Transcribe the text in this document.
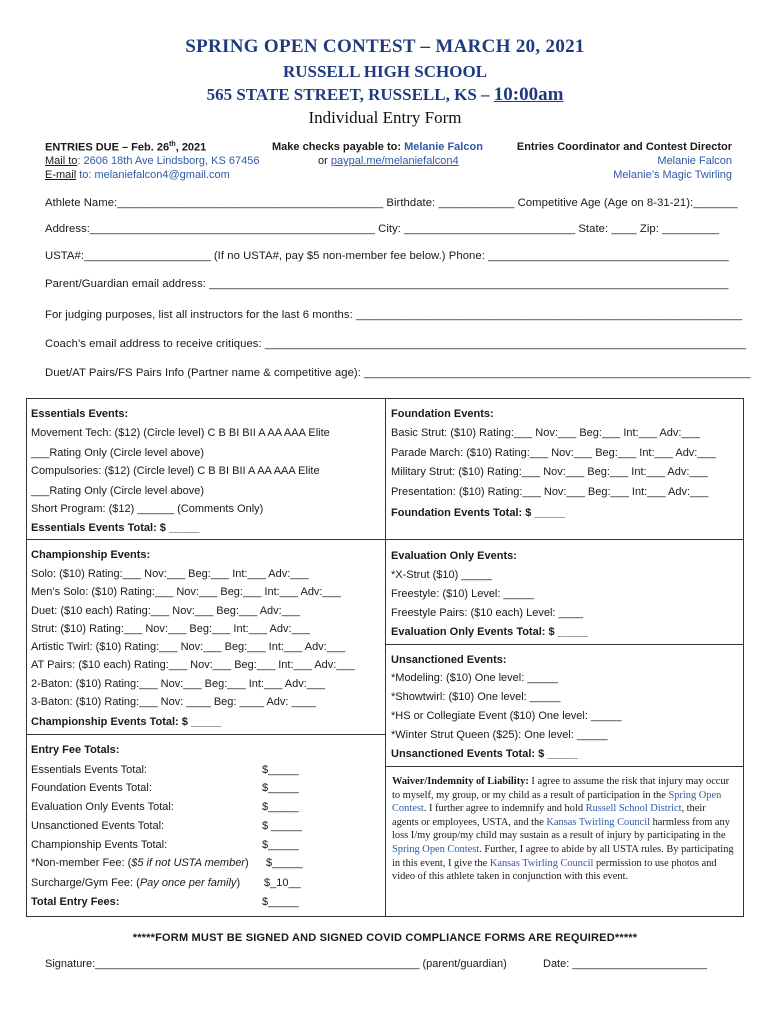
SPRING OPEN CONTEST – MARCH 20, 2021
RUSSELL HIGH SCHOOL
565 STATE STREET, RUSSELL, KS – 10:00am
Individual Entry Form
ENTRIES DUE – Feb. 26th, 2021
Mail to: 2606 18th Ave Lindsborg, KS 67456
E-mail to: melaniefalcon4@gmail.com
Make checks payable to: Melanie Falcon
or paypal.me/melaniefalcon4
Entries Coordinator and Contest Director
Melanie Falcon
Melanie’s Magic Twirling
Athlete Name:__________________________________________ Birthdate: ____________ Competitive Age (Age on 8-31-21):_______
Address:_____________________________________________ City: ___________________________ State: ____ Zip: _________
USTA#:____________________ (If no USTA#, pay $5 non-member fee below.) Phone: ______________________________________
Parent/Guardian email address: __________________________________________________________________________________
For judging purposes, list all instructors for the last 6 months: _____________________________________________________________
Coach’s email address to receive critiques: ____________________________________________________________________________
Duet/AT Pairs/FS Pairs Info (Partner name & competitive age): _____________________________________________________________
Essentials Events:
Movement Tech: ($12) (Circle level) C B BI BII A AA AAA Elite
___Rating Only (Circle level above)
Compulsories: ($12) (Circle level) C B BI BII A AA AAA Elite
___Rating Only (Circle level above)
Short Program: ($12) ______ (Comments Only)
Essentials Events Total: $ _____
Foundation Events:
Basic Strut: ($10) Rating:___ Nov:___ Beg:___ Int:___ Adv:___
Parade March: ($10) Rating:___ Nov:___ Beg:___ Int:___ Adv:___
Military Strut: ($10) Rating:___ Nov:___ Beg:___ Int:___ Adv:___
Presentation: ($10) Rating:___ Nov:___ Beg:___ Int:___ Adv:___
Foundation Events Total: $ _____
Championship Events:
Solo: ($10) Rating:___ Nov:___ Beg:___ Int:___ Adv:___
Men’s Solo: ($10) Rating:___ Nov:___ Beg:___ Int:___ Adv:___
Duet: ($10 each) Rating:___ Nov:___ Beg:___ Adv:___
Strut: ($10) Rating:___ Nov:___ Beg:___ Int:___ Adv:___
Artistic Twirl: ($10) Rating:___ Nov:___ Beg:___ Int:___ Adv:___
AT Pairs: ($10 each) Rating:___ Nov:___ Beg:___ Int:___ Adv:___
2-Baton: ($10) Rating:___ Nov:___ Beg:___ Int:___ Adv:___
3-Baton: ($10) Rating:___ Nov: ____ Beg: ____ Adv: ____
Championship Events Total: $ _____
Evaluation Only Events:
*X-Strut ($10) _____
Freestyle: ($10) Level: _____
Freestyle Pairs: ($10 each) Level: ____
Evaluation Only Events Total: $ _____
Unsanctioned Events:
*Modeling: ($10) One level: _____
*Showtwirl: ($10) One level: _____
*HS or Collegiate Event ($10) One level: _____
*Winter Strut Queen ($25): One level: _____
Unsanctioned Events Total: $ _____
Entry Fee Totals:
Essentials Events Total:	$_____
Foundation Events Total:	$_____
Evaluation Only Events Total:	$_____
Unsanctioned Events Total:	$ _____
Championship Events Total:	$_____
*Non-member Fee: ($5 if not USTA member) $_____
Surcharge/Gym Fee: (Pay once per family) $_10__
Total Entry Fees:	$_____
Waiver/Indemnity of Liability: I agree to assume the risk that injury may occur to myself, my group, or my child as a result of participation in the Spring Open Contest. I further agree to indemnify and hold Russell School District, their agents or employees, USTA, and the Kansas Twirling Council harmless from any loss I/my group/my child may sustain as a result of injury by participating in the Spring Open Contest. Further, I agree to abide by all USTA rules. By participating in this event, I give the Kansas Twirling Council permission to use photos and video of this athlete taken in conjunction with this event.
*****FORM MUST BE SIGNED AND SIGNED COVID COMPLIANCE FORMS ARE REQUIRED*****
Signature:_____________________________________________________ (parent/guardian)	Date: ______________________
